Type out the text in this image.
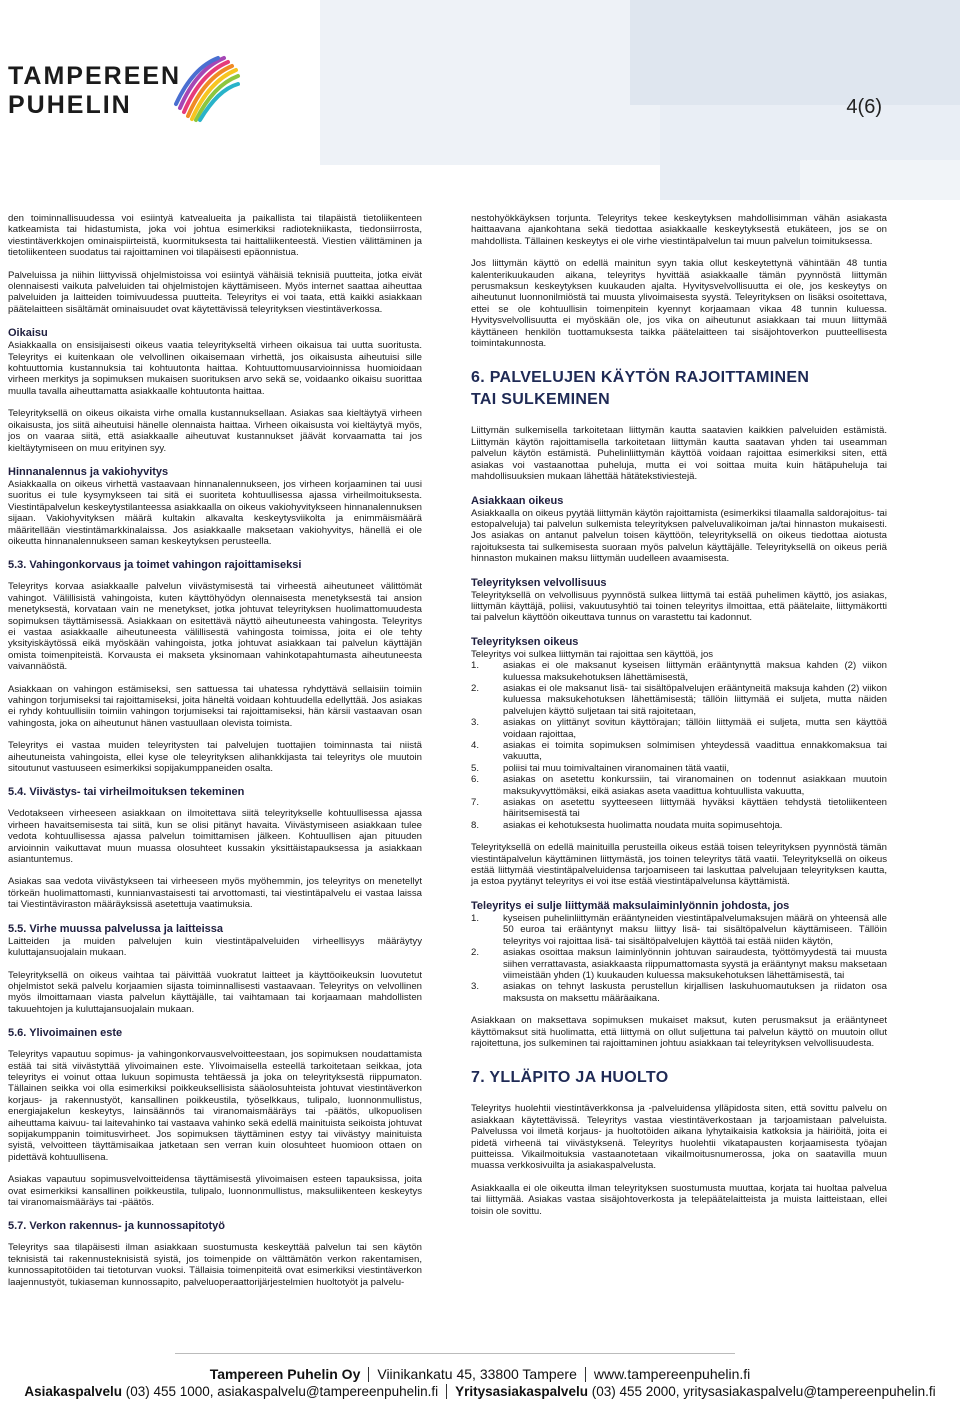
TAMPEREEN
PUHELIN	4(6)

den toiminnallisuudessa voi esiintyä katvealueita ja paikallista tai tilapäistä tietoliikenteen katkeamista tai hidastumista, joka voi johtua esimerkiksi radiotekniikasta, tiedonsiirrosta, viestintäverkkojen ominaispiirteistä, kuormituksesta tai haittaliikenteestä. Viestien välittäminen ja tietoliikenteen suodatus tai rajoittaminen voi tilapäisesti epäonnistua.

Palveluissa ja niihin liittyvissä ohjelmistoissa voi esiintyä vähäisiä teknisiä puutteita, jotka eivät olennaisesti vaikuta palveluiden tai ohjelmistojen käyttämiseen. Myös internet saattaa aiheuttaa palveluiden ja laitteiden toimivuudessa puutteita. Teleyritys ei voi taata, että kaikki asiakkaan päätelaitteen sisältämät ominaisuudet ovat käytettävissä teleyrityksen viestintäverkossa.

Oikaisu

Asiakkaalla on ensisijaisesti oikeus vaatia teleyritykseltä virheen oikaisua tai uutta suoritusta. Teleyritys ei kuitenkaan ole velvollinen oikaisemaan virhettä, jos oikaisusta aiheutuisi sille kohtuuttomia kustannuksia tai kohtuutonta haittaa. Kohtuuttomuusarvioinnissa huomioidaan virheen merkitys ja sopimuksen mukaisen suorituksen arvo sekä se, voidaanko oikaisu suorittaa muulla tavalla aiheuttamatta asiakkaalle kohtuutonta haittaa.

Teleyrityksellä on oikeus oikaista virhe omalla kustannuksellaan. Asiakas saa kieltäytyä virheen oikaisusta, jos siitä aiheutuisi hänelle olennaista haittaa. Virheen oikaisusta voi kieltäytyä myös, jos on vaaraa siitä, että asiakkaalle aiheutuvat kustannukset jäävät korvaamatta tai jos kieltäytymiseen on muu erityinen syy.

Hinnanalennus ja vakiohyvitys

Asiakkaalla on oikeus virhettä vastaavaan hinnanalennukseen, jos virheen korjaaminen tai uusi suoritus ei tule kysymykseen tai sitä ei suoriteta kohtuullisessa ajassa virheilmoituksesta. Viestintäpalvelun keskeytystilanteessa asiakkaalla on oikeus vakiohyvitykseen hinnanalennuksen sijaan. Vakiohyvityksen määrä kultakin alkavalta keskeytysviikolta ja enimmäismäärä määritellään viestintämarkkinalaissa. Jos asiakkaalle maksetaan vakiohyvitys, hänellä ei ole oikeutta hinnanalennukseen saman keskeytyksen perusteella.

5.3. Vahingonkorvaus ja toimet vahingon rajoittamiseksi

Teleyritys korvaa asiakkaalle palvelun viivästymisestä tai virheestä aiheutuneet välittömät vahingot. Välillisistä vahingoista, kuten käyttöhyödyn olennaisesta menetyksestä tai ansion menetyksestä, korvataan vain ne menetykset, jotka johtuvat teleyrityksen huolimattomuudesta sopimuksen täyttämisessä. Asiakkaan on esitettävä näyttö aiheutuneesta vahingosta. Teleyritys ei vastaa asiakkaalle aiheutuneesta välillisestä vahingosta toimissa, joita ei ole tehty yksityiskäytössä eikä myöskään vahingoista, jotka johtuvat asiakkaan tai palvelun käyttäjän omista toimenpiteistä. Korvausta ei makseta yksinomaan vahinkotapahtumasta aiheutuneesta vaivannäöstä.

Asiakkaan on vahingon estämiseksi, sen sattuessa tai uhatessa ryhdyttävä sellaisiin toimiin vahingon torjumiseksi tai rajoittamiseksi, joita häneltä voidaan kohtuudella edellyttää. Jos asiakas ei ryhdy kohtuullisiin toimiin vahingon torjumiseksi tai rajoittamiseksi, hän kärsii vastaavan osan vahingosta, joka on aiheutunut hänen vastuullaan olevista toimista.

Teleyritys ei vastaa muiden teleyritysten tai palvelujen tuottajien toiminnasta tai niistä aiheutuneista vahingoista, ellei kyse ole teleyrityksen alihankkijasta tai teleyritys ole muutoin sitoutunut vastuuseen esimerkiksi sopijakumppaneiden osalta.

5.4. Viivästys- tai virheilmoituksen tekeminen

Vedotakseen virheeseen asiakkaan on ilmoitettava siitä teleyritykselle kohtuullisessa ajassa virheen havaitsemisesta tai siitä, kun se olisi pitänyt havaita. Viivästymiseen asiakkaan tulee vedota kohtuullisessa ajassa palvelun toimittamisen jälkeen. Kohtuullisen ajan pituuden arvioinnin vaikuttavat muun muassa olosuhteet kussakin yksittäistapauksessa ja asiakkaan asiantuntemus.

Asiakas saa vedota viivästykseen tai virheeseen myös myöhemmin, jos teleyritys on menetellyt törkeän huolimattomasti, kunnianvastaisesti tai arvottomasti, tai viestintäpalvelu ei vastaa laissa tai Viestintäviraston määräyksissä asetettuja vaatimuksia.

5.5. Virhe muussa palvelussa ja laitteissa

Laitteiden ja muiden palvelujen kuin viestintäpalveluiden virheellisyys määräytyy kuluttajansuojalain mukaan.

Teleyrityksellä on oikeus vaihtaa tai päivittää vuokratut laitteet ja käyttöoikeuksin luovutetut ohjelmistot sekä palvelu korjaamien sijasta toiminnallisesti vastaavaan. Teleyritys on velvollinen myös ilmoittamaan viasta palvelun käyttäjälle, tai vaihtamaan tai korjaamaan mahdollisten takuuehtojen ja kuluttajansuojalain mukaan.

5.6. Ylivoimainen este

Teleyritys vapautuu sopimus- ja vahingonkorvausvelvoitteestaan, jos sopimuksen noudattamista estää tai sitä viivästyttää ylivoimainen este. Ylivoimaisella esteellä tarkoitetaan seikkaa, jota teleyritys ei voinut ottaa lukuun sopimusta tehtäessä ja joka on teleyrityksestä riippumaton. Tällainen seikka voi olla esimerkiksi poikkeuksellisista sääolosuhteista johtuvat viestintäverkon korjaus- ja rakennustyöt, kansallinen poikkeustila, työselkkaus, tulipalo, luonnonmullistus, energiajakelun keskeytys, lainsäännös tai viranomaismääräys tai -päätös, ulkopuolisen aiheuttama kaivuu- tai laitevahinko tai vastaava vahinko sekä edellä mainituista seikoista johtuvat sopijakumppanin toimitusvirheet. Jos sopimuksen täyttäminen estyy tai viivästyy mainituista syistä, velvoitteen täyttämisaikaa jatketaan sen verran kuin olosuhteet huomioon ottaen on pidettävä kohtuullisena.

Asiakas vapautuu sopimusvelvoitteidensa täyttämisestä ylivoimaisen esteen tapauksissa, joita ovat esimerkiksi kansallinen poikkeustila, tulipalo, luonnonmullistus, maksuliikenteen keskeytys tai viranomaismääräys tai -päätös.

5.7. Verkon rakennus- ja kunnossapitotyö

Teleyritys saa tilapäisesti ilman asiakkaan suostumusta keskeyttää palvelun tai sen käytön teknisistä tai rakennusteknisistä syistä, jos toimenpide on välttämätön verkon rakentamisen, kunnossapitotöiden tai tietoturvan vuoksi. Tällaisia toimenpiteitä ovat esimerkiksi viestintäverkon laajennustyöt, tukiaseman kunnossapito, palveluoperaattorijärjestelmien huoltotyöt ja palvelu-

nestohyökkäyksen torjunta. Teleyritys tekee keskeytyksen mahdollisimman vähän asiakasta haittaavana ajankohtana sekä tiedottaa asiakkaalle keskeytyksestä etukäteen, jos se on mahdollista. Tällainen keskeytys ei ole virhe viestintäpalvelun tai muun palvelun toimituksessa.

Jos liittymän käyttö on edellä mainitun syyn takia ollut keskeytettynä vähintään 48 tuntia kalenterikuukauden aikana, teleyritys hyvittää asiakkaalle tämän pyynnöstä liittymän perusmaksun keskeytyksen kuukauden ajalta. Hyvitysvelvollisuutta ei ole, jos keskeytys on aiheutunut luonnonilmiöstä tai muusta ylivoimaisesta syystä. Teleyrityksen on lisäksi osoitettava, ettei se ole kohtuullisin toimenpitein kyennyt korjaamaan vikaa 48 tunnin kuluessa. Hyvitysvelvollisuutta ei myöskään ole, jos vika on aiheutunut asiakkaan tai muun liittymää käyttäneen henkilön tuottamuksesta taikka päätelaitteen tai sisäjohtoverkon puutteellisesta toimintakunnosta.

6. PALVELUJEN KÄYTÖN RAJOITTAMINEN
TAI SULKEMINEN

Liittymän sulkemisella tarkoitetaan liittymän kautta saatavien kaikkien palveluiden estämistä. Liittymän käytön rajoittamisella tarkoitetaan liittymän kautta saatavan yhden tai useamman palvelun käytön estämistä. Puhelinliittymän käyttöä voidaan rajoittaa esimerkiksi siten, että asiakas voi vastaanottaa puheluja, mutta ei voi soittaa muita kuin hätäpuheluja tai mahdollisuuksien mukaan lähettää hätätekstiviestejä.

Asiakkaan oikeus

Asiakkaalla on oikeus pyytää liittymän käytön rajoittamista (esimerkiksi tilaamalla saldorajoitus- tai estopalveluja) tai palvelun sulkemista teleyrityksen palveluvalikoiman ja/tai hinnaston mukaisesti. Jos asiakas on antanut palvelun toisen käyttöön, teleyrityksellä on oikeus tiedottaa aiotusta rajoituksesta tai sulkemisesta suoraan myös palvelun käyttäjälle. Teleyrityksellä on oikeus periä hinnaston mukainen maksu liittymän uudelleen avaamisesta.

Teleyrityksen velvollisuus

Teleyrityksellä on velvollisuus pyynnöstä sulkea liittymä tai estää puhelimen käyttö, jos asiakas, liittymän käyttäjä, poliisi, vakuutusyhtiö tai toinen teleyritys ilmoittaa, että päätelaite, liittymäkortti tai palvelun käyttöön oikeuttava tunnus on varastettu tai kadonnut.

Teleyrityksen oikeus

Teleyritys voi sulkea liittymän tai rajoittaa sen käyttöä, jos

1. asiakas ei ole maksanut kyseisen liittymän erääntynyttä maksua kahden (2) viikon kuluessa maksukehotuksen lähettämisestä,
2. asiakas ei ole maksanut lisä- tai sisältöpalvelujen erääntyneitä maksuja kahden (2) viikon kuluessa maksukehotuksen lähettämisestä; tällöin liittymää ei suljeta, mutta näiden palvelujen käyttö suljetaan tai sitä rajoitetaan,
3. asiakas on ylittänyt sovitun käyttörajan; tällöin liittymää ei suljeta, mutta sen käyttöä voidaan rajoittaa,
4. asiakas ei toimita sopimuksen solmimisen yhteydessä vaadittua ennakkomaksua tai vakuutta,
5. poliisi tai muu toimivaltainen viranomainen tätä vaatii,
6. asiakas on asetettu konkurssiin, tai viranomainen on todennut asiakkaan muutoin maksukyvyttömäksi, eikä asiakas aseta vaadittua kohtuullista vakuutta,
7. asiakas on asetettu syytteeseen liittymää hyväksi käyttäen tehdystä tietoliikenteen häiritsemisestä tai
8. asiakas ei kehotuksesta huolimatta noudata muita sopimusehtoja.

Teleyrityksellä on edellä mainituilla perusteilla oikeus estää toisen teleyrityksen pyynnöstä tämän viestintäpalvelun käyttäminen liittymästä, jos toinen teleyritys tätä vaatii. Teleyrityksellä on oikeus estää liittymää viestintäpalveluidensa tarjoamiseen tai laskuttaa palvelujaan teleyrityksen kautta, ja estoa pyytänyt teleyritys ei voi itse estää viestintäpalvelunsa käyttämistä.

Teleyritys ei sulje liittymää maksulaiminlyönnin johdosta, jos
1. kyseisen puhelinliittymän erääntyneiden viestintäpalvelumaksujen määrä on yhteensä alle 50 euroa tai erääntynyt maksu liittyy lisä- tai sisältöpalvelun käyttämiseen. Tällöin teleyritys voi rajoittaa lisä- tai sisältöpalvelujen käyttöä tai estää niiden käytön,
2. asiakas osoittaa maksun laiminlyönnin johtuvan sairaudesta, työttömyydestä tai muusta siihen verrattavasta, asiakkaasta riippumattomasta syystä ja erääntynyt maksu maksetaan viimeistään yhden (1) kuukauden kuluessa maksukehotuksen lähettämisestä, tai
3. asiakas on tehnyt laskusta perustellun kirjallisen laskuhuomautuksen ja riidaton osa maksusta on maksettu määräaikana.

Asiakkaan on maksettava sopimuksen mukaiset maksut, kuten perusmaksut ja erääntyneet käyttömaksut sitä huolimatta, että liittymä on ollut suljettuna tai palvelun käyttö on muutoin ollut rajoitettuna, jos sulkeminen tai rajoittaminen johtuu asiakkaan tai teleyrityksen velvollisuudesta.

7. YLLÄPITO JA HUOLTO

Teleyritys huolehtii viestintäverkkonsa ja -palveluidensa ylläpidosta siten, että sovittu palvelu on asiakkaan käytettävissä. Teleyritys vastaa viestintäverkostaan ja tarjoamistaan palveluista. Palvelussa voi ilmetä korjaus- ja huoltotöiden aikana lyhytaikaisia katkoksia ja häiriöitä, joita ei pidetä virheenä tai viivästyksenä. Teleyritys huolehtii vikatapausten korjaamisesta työajan puitteissa. Vikailmoituksia vastaanotetaan vikailmoitusnumerossa, joka on saatavilla muun muassa verkkosivuilta ja asiakaspalvelusta.

Asiakkaalla ei ole oikeutta ilman teleyrityksen suostumusta muuttaa, korjata tai huoltaa palvelua tai liittymää. Asiakas vastaa sisäjohtoverkosta ja telepäätelaitteista ja muista laitteistaan, ellei toisin ole sovittu.

Tampereen Puhelin Oy Viinikankatu 45, 33800 Tampere www.tampereenpuhelin.fi
Asiakaspalvelu (03) 455 1000, asiakaspalvelu@tampereenpuhelin.fi Yritysasiakaspalvelu (03) 455 2000, yritysasiakaspalvelu@tampereenpuhelin.fi
